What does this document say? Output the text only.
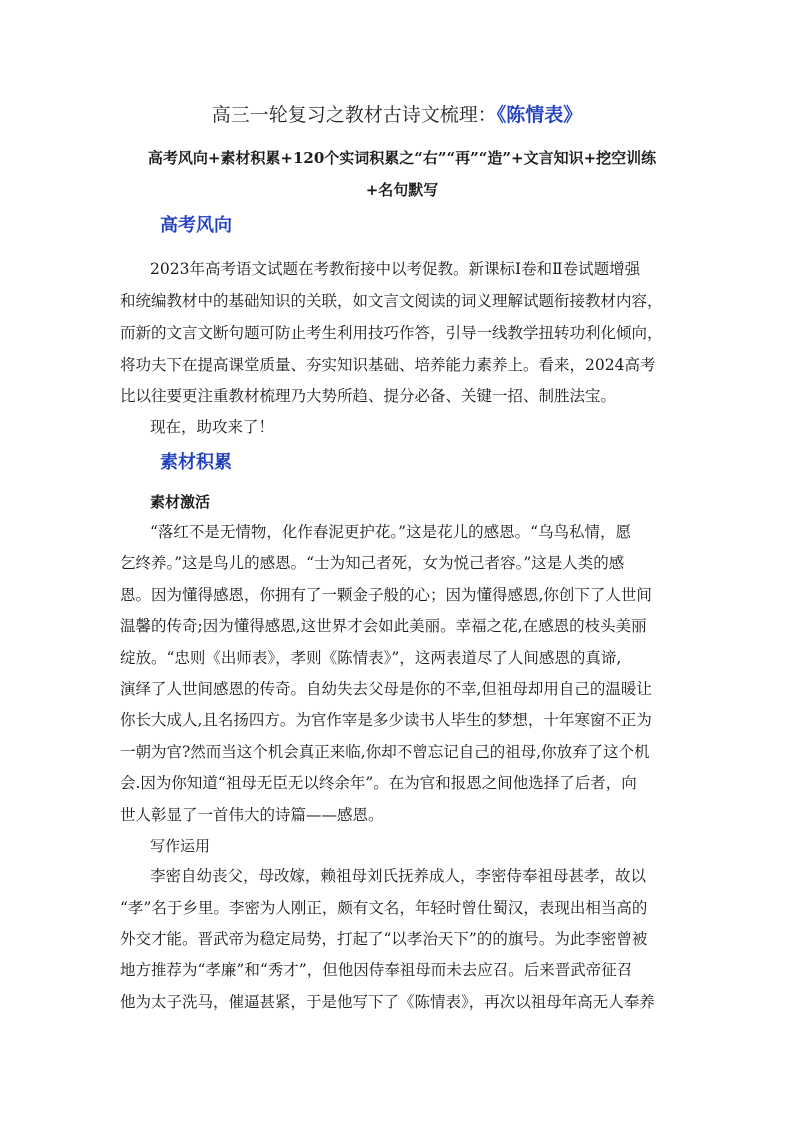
高三一轮复习之教材古诗文梳理：《陈情表》
高考风向+素材积累+120个实词积累之“右”“再”“造”+文言知识+挖空训练
+名句默写
高考风向
2023年高考语文试题在考教衔接中以考促教。新课标Ⅰ卷和Ⅱ卷试题增强
和统编教材中的基础知识的关联，如文言文阅读的词义理解试题衔接教材内容，
而新的文言文断句题可防止考生利用技巧作答，引导一线教学扭转功利化倾向，
将功夫下在提高课堂质量、夯实知识基础、培养能力素养上。看来，2024高考
比以往要更注重教材梳理乃大势所趋、提分必备、关键一招、制胜法宝。
现在，助攻来了！
素材积累
素材激活
“落红不是无情物，化作春泥更护花。”这是花儿的感恩。“乌鸟私情，愿
乞终养。”这是鸟儿的感恩。“士为知己者死，女为悦己者容。”这是人类的感
恩。因为懂得感恩，你拥有了一颗金子般的心；因为懂得感恩,你创下了人世间
温馨的传奇;因为懂得感恩,这世界才会如此美丽。幸福之花,在感恩的枝头美丽
绽放。“忠则《出师表》，孝则《陈情表》”，这两表道尽了人间感恩的真谛,
演绎了人世间感恩的传奇。自幼失去父母是你的不幸,但祖母却用自己的温暖让
你长大成人,且名扬四方。为官作宰是多少读书人毕生的梦想，十年寒窗不正为
一朝为官?然而当这个机会真正来临,你却不曾忘记自己的祖母,你放弃了这个机
会.因为你知道“祖母无臣无以终余年”。在为官和报恩之间他选择了后者，向
世人彰显了一首伟大的诗篇——感恩。
写作运用
李密自幼丧父，母改嫁，赖祖母刘氏抚养成人，李密侍奉祖母甚孝，故以
“孝”名于乡里。李密为人刚正，颇有文名，年轻时曾仕蜀汉，表现出相当高的
外交才能。晋武帝为稳定局势，打起了“以孝治天下”的的旗号。为此李密曾被
地方推荐为“孝廉”和“秀才”，但他因侍奉祖母而未去应召。后来晋武帝征召
他为太子洗马，催逼甚紧，于是他写下了《陈情表》，再次以祖母年高无人奉养
